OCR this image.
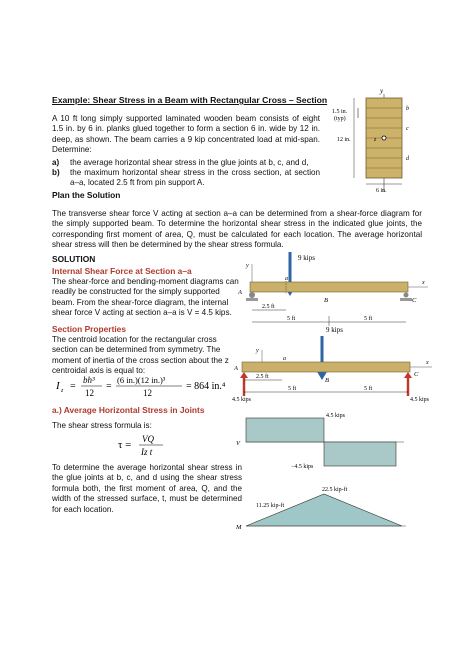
Example: Shear Stress in a Beam with Rectangular Cross – Section
A 10 ft long simply supported laminated wooden beam consists of eight 1.5 in. by 6 in. planks glued together to form a section 6 in. wide by 12 in. deep, as shown. The beam carries a 9 kip concentrated load at mid-span. Determine:
a) the average horizontal shear stress in the glue joints at b, c, and d,
b) the maximum horizontal shear stress in the cross section, at section a–a, located 2.5 ft from pin support A.
y
z
1.5 in.
(typ)
12 in.
b
c
d
6 in.
Plan the Solution
The transverse shear force V acting at section a–a can be determined from a shear-force diagram for the simply supported beam. To determine the horizontal shear stress in the indicated glue joints, the corresponding first moment of area, Q, must be calculated for each location. The average horizontal shear stress will then be determined by the shear stress formula.
SOLUTION
Internal Shear Force at Section a–a
The shear-force and bending-moment diagrams can readily be constructed for the simply supported beam. From the shear-force diagram, the internal shear force V acting at section a–a is V = 4.5 kips.
Section Properties
The centroid location for the rectangular cross section can be determined from symmetry. The moment of inertia of the cross section about the z centroidal axis is equal to:
I z =
bh³
12
=
(6 in.)(12 in.)³
12
= 864 in.⁴
a.) Average Horizontal Stress in Joints
The shear stress formula is:
τ = VQ
Iz t
To determine the average horizontal shear stress in the glue joints at b, c, and d using the shear stress formula both, the first moment of area, Q, and the width of the stressed surface, t, must be determined for each location.
9 kips
y
x
a
A
B	C
2.5 ft
5 ft	5 ft
9 kips
y
x
a
A
B
C
4.5 kips	4.5 kips
2.5 ft
5 ft	5 ft
V
4.5 kips
−4.5 kips
M
22.5 kip-ft
11.25 kip-ft
